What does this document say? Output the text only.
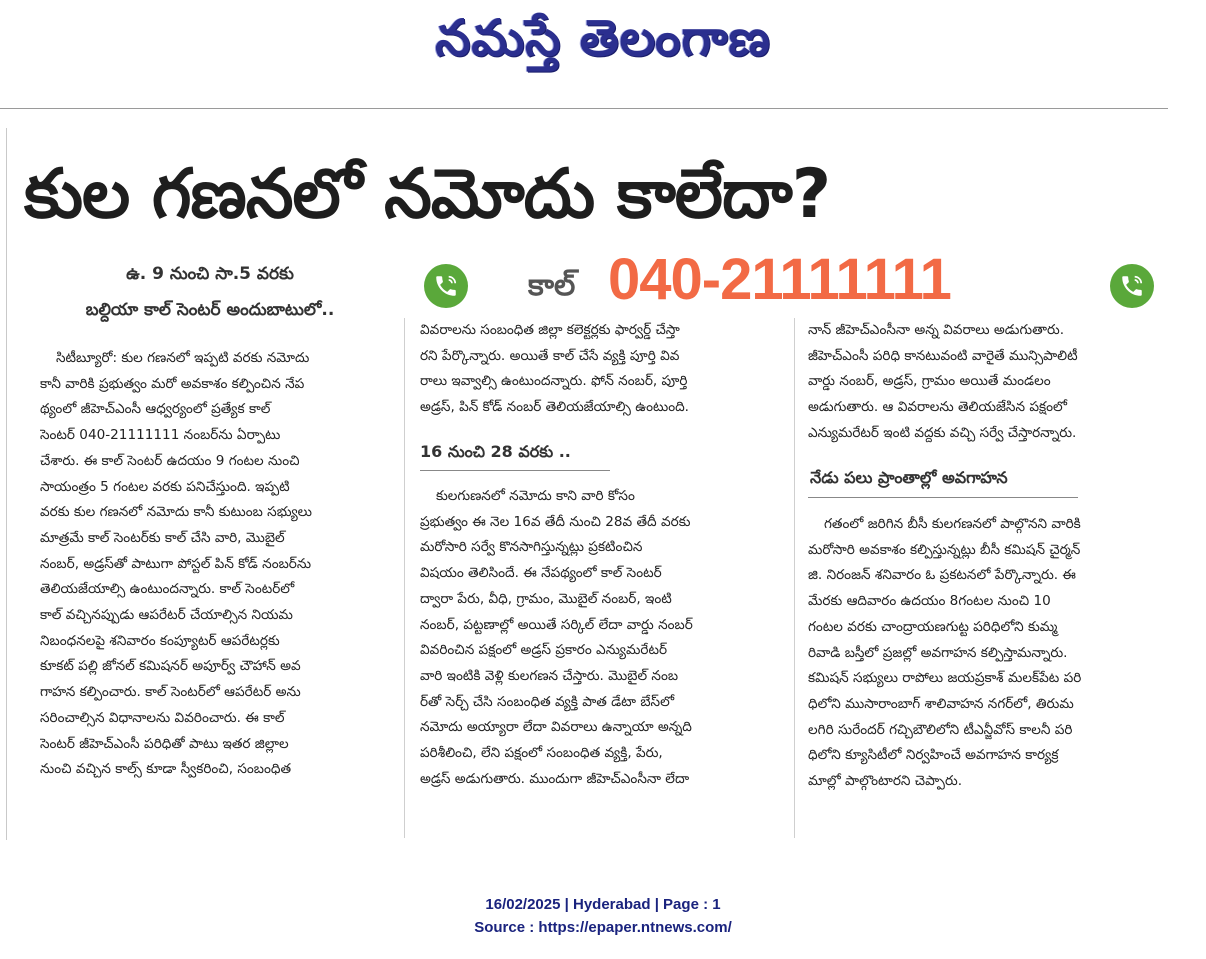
నమస్తే తెలంగాణ
కుల గణనలో నమోదు కాలేదా?
ఉ. 9 నుంచి సా.5 వరకు
బల్దియా కాల్ సెంటర్ అందుబాటులో..
కాల్ 040-21111111

సిటీబ్యూరో: కుల గణనలో ఇప్పటి వరకు నమోదు

కానీ వారికి ప్రభుత్వం మరో అవకాశం కల్పించిన నేప

థ్యంలో జీహెచ్ఎంసీ ఆధ్వర్యంలో ప్రత్యేక కాల్

సెంటర్ 040-21111111 నంబర్‌ను ఏర్పాటు

చేశారు. ఈ కాల్ సెంటర్ ఉదయం 9 గంటల నుంచి

సాయంత్రం 5 గంటల వరకు పనిచేస్తుంది. ఇప్పటి

వరకు కుల గణనలో నమోదు కానీ కుటుంబ సభ్యులు

మాత్రమే కాల్ సెంటర్‌కు కాల్ చేసి వారి, మొబైల్

నంబర్, అడ్రస్‌తో పాటుగా పోస్టల్ పిన్ కోడ్ నంబర్‌ను

తెలియజేయాల్సి ఉంటుందన్నారు. కాల్ సెంటర్‌లో

కాల్ వచ్చినప్పుడు ఆపరేటర్ చేయాల్సిన నియమ

నిబంధనలపై శనివారం కంప్యూటర్ ఆపరేటర్లకు

కూకట్ పల్లి జోనల్ కమిషనర్ అపూర్వ్ చౌహాన్ అవ

గాహన కల్పించారు. కాల్ సెంటర్‌లో ఆపరేటర్ అను

సరించాల్సిన విధానాలను వివరించారు. ఈ కాల్

సెంటర్ జీహెచ్ఎంసీ పరిధితో పాటు ఇతర జిల్లాల

నుంచి వచ్చిన కాల్స్ కూడా స్వీకరించి, సంబంధిత

వివరాలను సంబంధిత జిల్లా కలెక్టర్లకు ఫార్వర్డ్ చేస్తా

రని పేర్కొన్నారు. అయితే కాల్ చేసే వ్యక్తి పూర్తి వివ

రాలు ఇవ్వాల్సి ఉంటుందన్నారు. ఫోన్ నంబర్, పూర్తి

అడ్రస్, పిన్ కోడ్ నంబర్ తెలియజేయాల్సి ఉంటుంది.

16 నుంచి 28 వరకు ..

కులగుణనలో నమోదు కాని వారి కోసం

ప్రభుత్వం ఈ నెల 16వ తేదీ నుంచి 28వ తేదీ వరకు

మరోసారి సర్వే కొనసాగిస్తున్నట్లు ప్రకటించిన

విషయం తెలిసిందే. ఈ నేపథ్యంలో కాల్ సెంటర్

ద్వారా పేరు, వీధి, గ్రామం, మొబైల్ నంబర్, ఇంటి

నంబర్, పట్టణాల్లో అయితే సర్కిల్ లేదా వార్డు నంబర్

వివరించిన పక్షంలో అడ్రస్ ప్రకారం ఎన్యుమరేటర్

వారి ఇంటికి వెళ్లి కులగణన చేస్తారు. మొబైల్ నంబ

ర్‌తో సెర్చ్ చేసి సంబంధిత వ్యక్తి పాత డేటా బేస్‌లో

నమోదు అయ్యారా లేదా వివరాలు ఉన్నాయా అన్నది

పరిశీలించి, లేని పక్షంలో సంబంధిత వ్యక్తి, పేరు,

అడ్రస్ అడుగుతారు. ముందుగా జీహెచ్ఎంసీనా లేదా

నాన్ జీహెచ్ఎంసీనా అన్న వివరాలు అడుగుతారు.

జీహెచ్ఎంసీ పరిధి కానటువంటి వారైతే మున్సిపాలిటీ

వార్డు నంబర్, అడ్రస్, గ్రామం అయితే మండలం

అడుగుతారు. ఆ వివరాలను తెలియజేసిన పక్షంలో

ఎన్యుమరేటర్ ఇంటి వద్దకు వచ్చి సర్వే చేస్తారన్నారు.

నేడు పలు ప్రాంతాల్లో అవగాహన

గతంలో జరిగిన బీసీ కులగణనలో పాల్గొనని వారికి

మరోసారి అవకాశం కల్పిస్తున్నట్లు బీసీ కమిషన్ చైర్మన్

జి. నిరంజన్ శనివారం ఓ ప్రకటనలో పేర్కొన్నారు. ఈ

మేరకు ఆదివారం ఉదయం 8గంటల నుంచి 10

గంటల వరకు చాంద్రాయణగుట్ట పరిధిలోని కుమ్మ

రివాడి బస్తీలో ప్రజల్లో అవగాహన కల్పిస్తామన్నారు.

కమిషన్ సభ్యులు రాపోలు జయప్రకాశ్ మలక్‌పేట పరి

ధిలోని ముసారాంబాగ్ శాలివాహన నగర్‌లో, తిరుమ

లగిరి సురేందర్ గచ్చిబౌలిలోని టీఎన్జీవోస్ కాలనీ పరి

ధిలోని క్యూసిటీలో నిర్వహించే అవగాహన కార్యక్ర

మాల్లో పాల్గొంటారని చెప్పారు.

16/02/2025 | Hyderabad | Page : 1
Source : https://epaper.ntnews.com/
